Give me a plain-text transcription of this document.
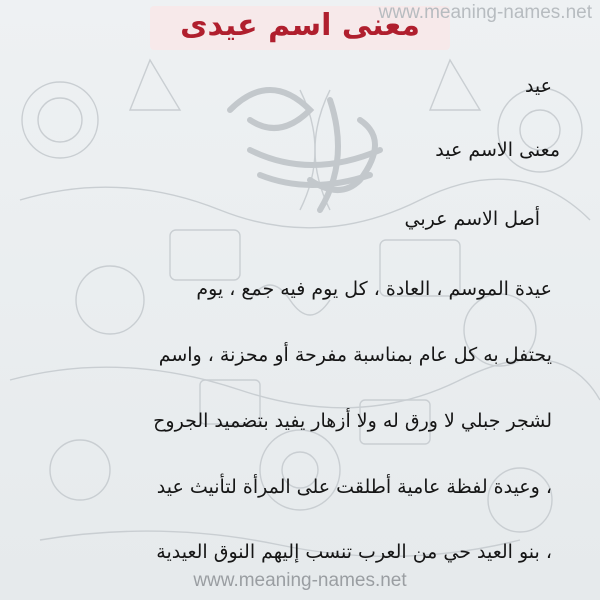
معنى اسم عيدى
www.meaning-names.net
عيد
معنى الاسم عيد
أصل الاسم عربي
عيدة الموسم ، العادة ، كل يوم فيه جمع ، يوم
يحتفل به كل عام بمناسبة مفرحة أو محزنة ، واسم
لشجر جبلي لا ورق له ولا أزهار يفيد بتضميد الجروح
، وعيدة لفظة عامية أطلقت على المرأة لتأنيث عيد
، بنو العيد حي من العرب تنسب إليهم النوق العيدية
www.meaning-names.net
